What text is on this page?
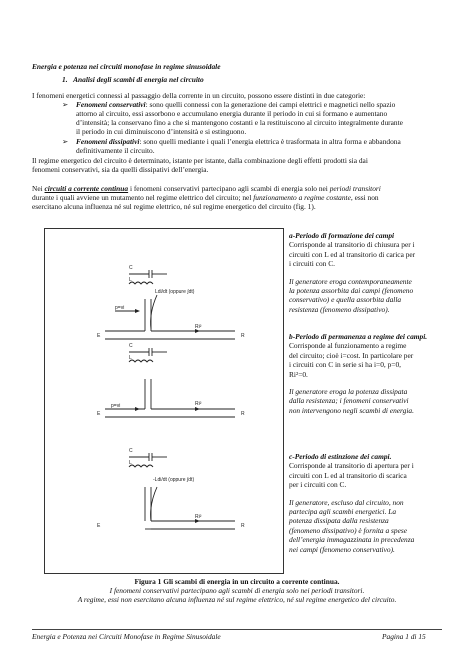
Energia e potenza nei circuiti monofase in regime sinusoidale
1.   Analisi degli scambi di energia nel circuito
I fenomeni energetici connessi al passaggio della corrente in un circuito, possono essere distinti in due categorie:
➢ Fenomeni conservativi: sono quelli connessi con la generazione dei campi elettrici e magnetici nello spazio
attorno al circuito, essi assorbono e accumulano energia durante il periodo in cui si formano e aumentano
d’intensità; la conservano fino a che si mantengono costanti e la restituiscono al circuito integralmente durante
il periodo in cui diminuiscono d’intensità e si estinguono.
➢ Fenomeni dissipativi: sono quelli mediante i quali l’energia elettrica è trasformata in altra forma e abbandona
definitivamente il circuito.
Il regime energetico del circuito è determinato, istante per istante, dalla combinazione degli effetti prodotti sia dai
fenomeni conservativi, sia da quelli dissipativi dell’energia.
Nei circuiti a corrente continua i fenomeni conservativi partecipano agli scambi di energia solo nei periodi transitori
durante i quali avviene un mutamento nel regime elettrico del circuito; nel funzionamento a regime costante, essi non
esercitano alcuna influenza né sul regime elettrico, né sul regime energetico del circuito (fig. 1).
C
L
Ldi/dt (oppure ∫dt)
p=vi
E
Ri²
R
C
L
p=vi
E
Ri²
R
C
L
-Ldi/dt (oppure ∫dt)
E
Ri²
R
a-Periodo di formazione dei campi
Corrisponde al transitorio di chiusura per i
circuiti con L ed al transitorio di carica per
i circuiti con C.
Il generatore eroga contemporaneamente
la potenza assorbita dai campi (fenomeno
conservativo) e quella assorbita dalla
resistenza (fenomeno dissipativo).
b-Periodo di permanenza a regime dei campi.
Corrisponde al funzionamento a regime
del circuito; cioè i=cost. In particolare per
i circuiti con C in serie si ha i=0, p=0,
Ri²=0.
Il generatore eroga la potenza dissipata
dalla resistenza; i fenomeni conservativi
non intervengono negli scambi di energia.
c-Periodo di estinzione dei campi.
Corrisponde al transitorio di apertura per i
circuiti con L ed al transitorio di scarica
per i circuiti con C.
Il generatore, escluso dal circuito, non
partecipa agli scambi energetici. La
potenza dissipata dalla resistenza
(fenomeno dissipativo) è fornita a spese
dell’energia immagazzinata in precedenza
nei campi (fenomeno conservativo).
Figura 1 Gli scambi di energia in un circuito a corrente continua.
I fenomeni conservativi partecipano agli scambi di energia solo nei periodi transitori.
A regime, essi non esercitano alcuna influenza né sul regime elettrico, né sul regime energetico del circuito.
Energia e Potenza nei Circuiti Monofase in Regime Sinusoidale	Pagina 1 di 15
